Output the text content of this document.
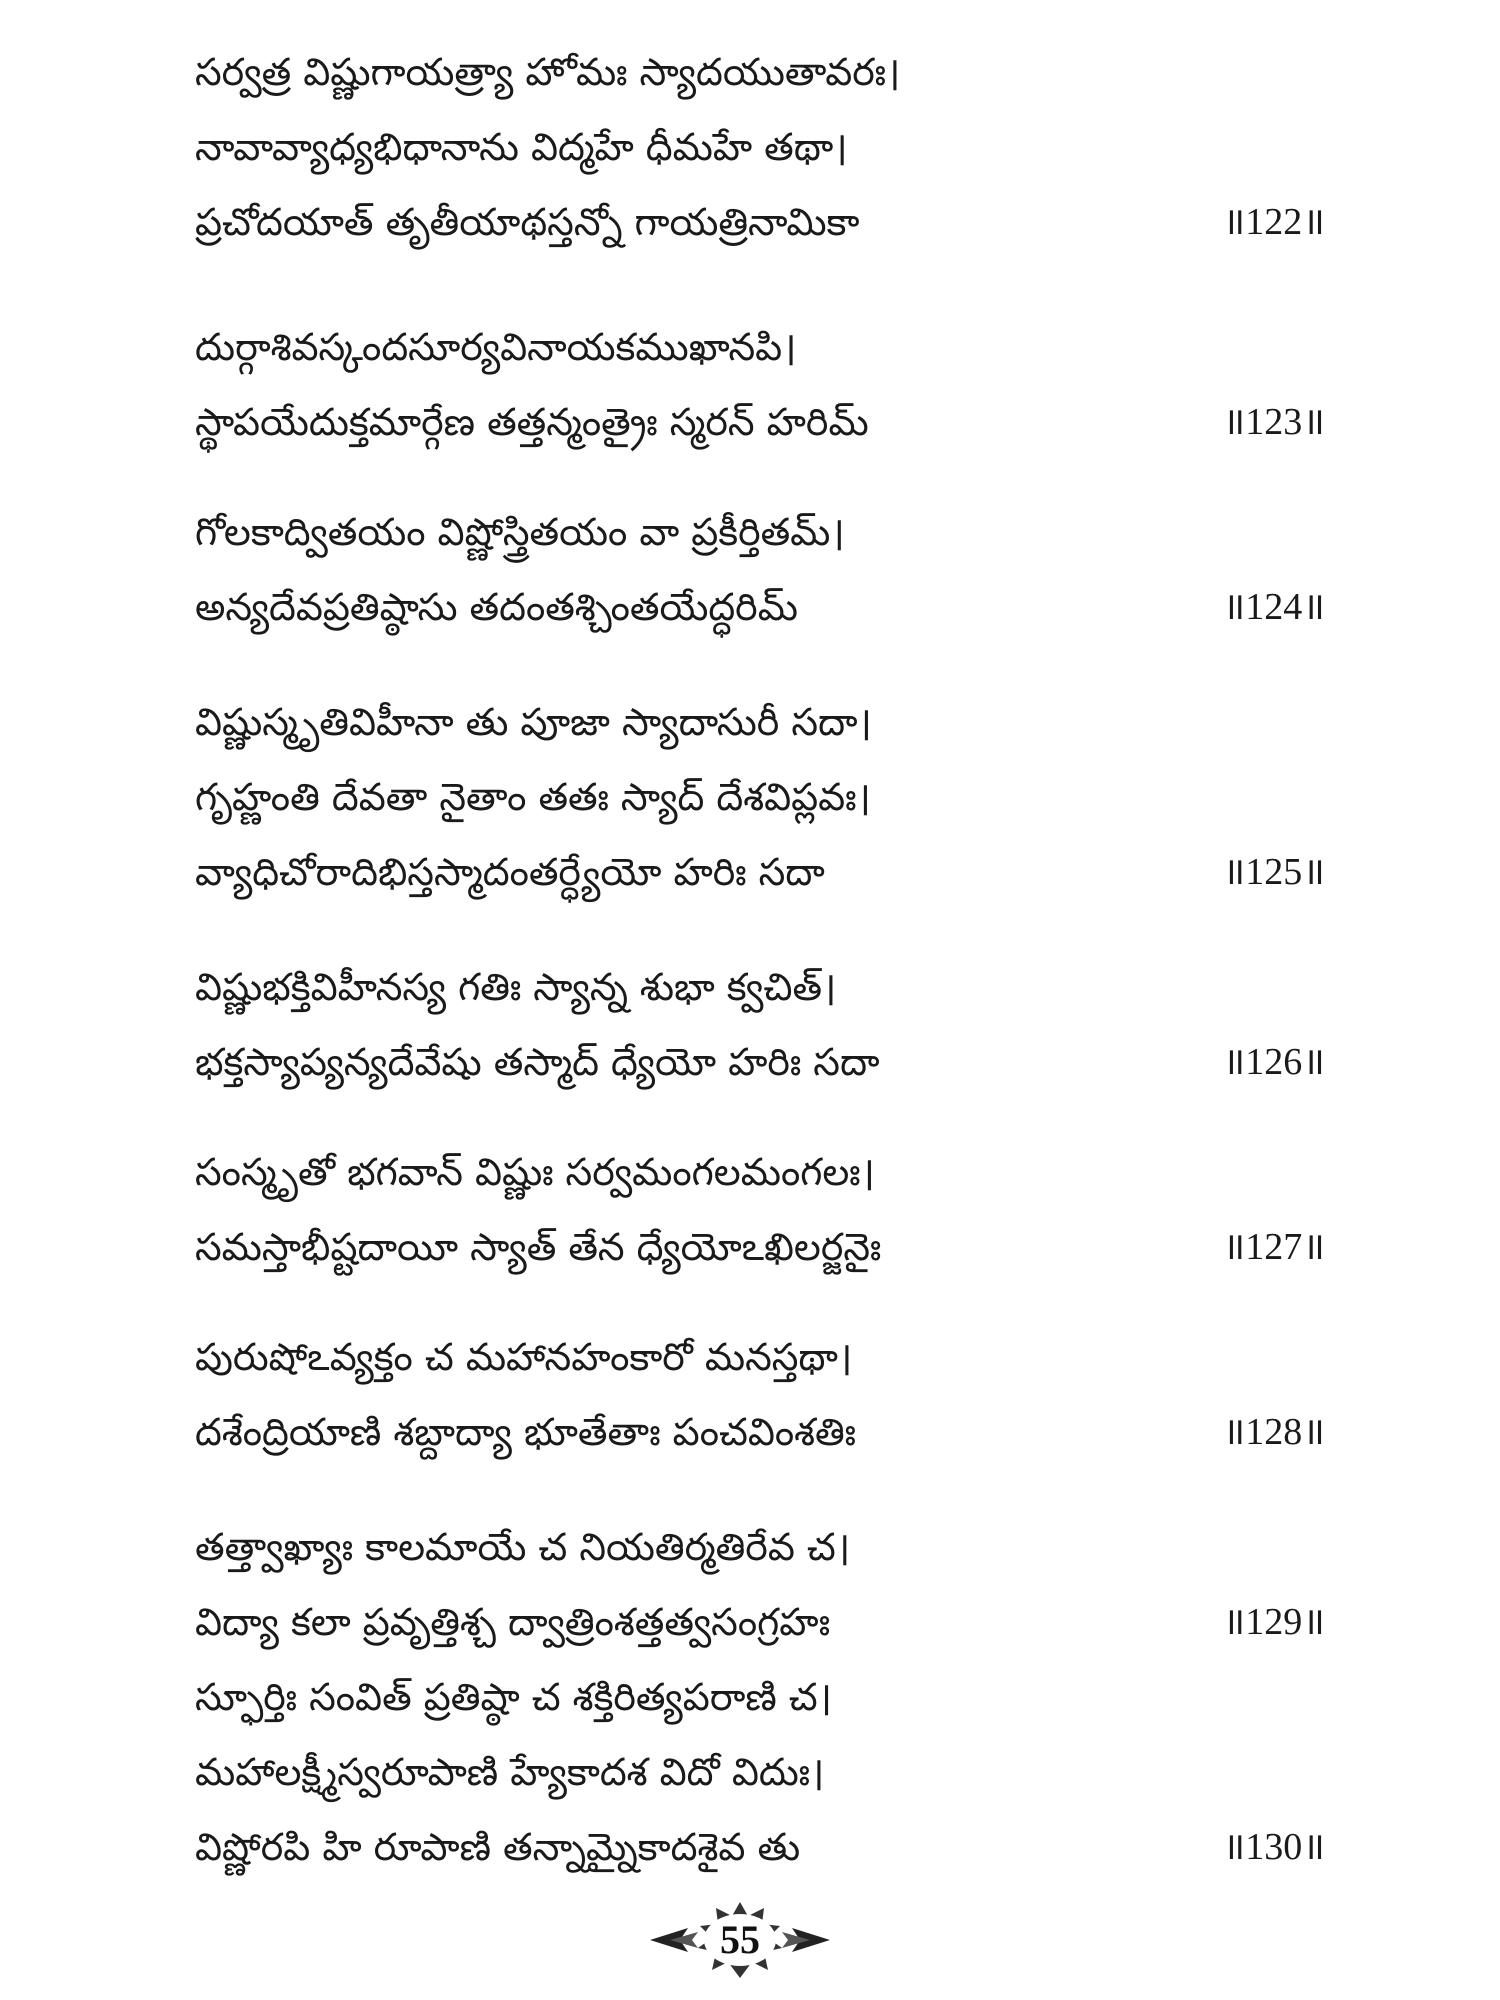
సర్వత్ర విష్ణుగాయత్ర్యా హోమః స్యాదయుతావరః।
నావావ్యాధ్యభిధానాను విద్మహే ధీమహే తథా।
ప్రచోదయాత్ తృతీయాథస్తన్నో గాయత్రినామికా	॥122॥
దుర్గాశివస్కందసూర్యవినాయకముఖానపి।
స్థాపయేదుక్తమార్గేణ తత్తన్మంత్రైః స్మరన్ హరిమ్	॥123॥
గోలకాద్వితయం విష్ణోస్త్రితయం వా ప్రకీర్తితమ్।
అన్యదేవప్రతిష్ఠాసు తదంతశ్చింతయేద్ధరిమ్	॥124॥
విష్ణుస్మృతివిహీనా తు పూజా స్యాదాసురీ సదా।
గృహ్ణంతి దేవతా నైతాం తతః స్యాద్ దేశవిప్లవః।
వ్యాధిచోరాదిభిస్తస్మాదంతర్ధ్యేయో హరిః సదా	॥125॥
విష్ణుభక్తివిహీనస్య గతిః స్యాన్న శుభా క్వచిత్।
భక్తస్యాప్యన్యదేవేషు తస్మాద్ ధ్యేయో హరిః సదా	॥126॥
సంస్మృతో భగవాన్ విష్ణుః సర్వమంగలమంగలః।
సమస్తాభీష్టదాయీ స్యాత్ తేన ధ్యేయోఽఖిలర్జనైః	॥127॥
పురుషోఽవ్యక్తం చ మహానహంకారో మనస్తథా।
దశేంద్రియాణి శబ్దాద్యా భూతేతాః పంచవింశతిః	॥128॥
తత్త్వాఖ్యాః కాలమాయే చ నియతిర్మతిరేవ చ।
విద్యా కలా ప్రవృత్తిశ్చ ద్వాత్రింశత్తత్వసంగ్రహః	॥129॥
స్ఫూర్తిః సంవిత్ ప్రతిష్ఠా చ శక్తిరిత్యపరాణి చ।
మహాలక్ష్మీస్వరూపాణి హ్యేకాదశ విదో విదుః।
విష్ణోరపి హి రూపాణి తన్నామ్నైకాదశైవ తు	॥130॥
55
